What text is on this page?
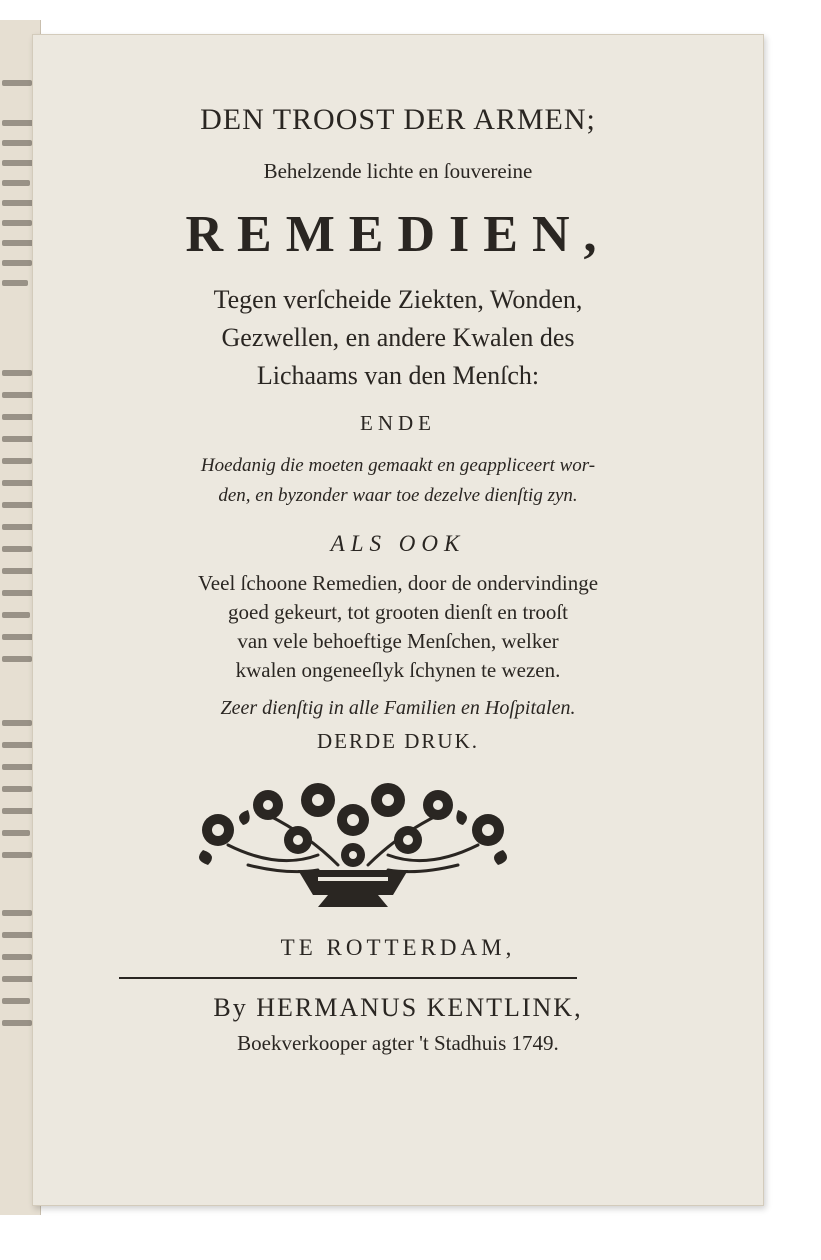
DEN TROOST DER ARMEN;
Behelzende lichte en ſouvereine
REMEDIEN,
Tegen verſcheide Ziekten, Wonden,
Gezwellen, en andere Kwalen des
Lichaams van den Menſch:
ENDE
Hoedanig die moeten gemaakt en geappliceert wor-
den, en byzonder waar toe dezelve dienſtig zyn.
ALS OOK
Veel ſchoone Remedien, door de ondervindinge
goed gekeurt, tot grooten dienſt en trooſt
van vele behoeftige Menſchen, welker
kwalen ongeneeſlyk ſchynen te wezen.
Zeer dienſtig in alle Familien en Hoſpitalen.
DERDE DRUK.
TE ROTTERDAM,
By HERMANUS KENTLINK,
Boekverkooper agter 't Stadhuis 1749.
